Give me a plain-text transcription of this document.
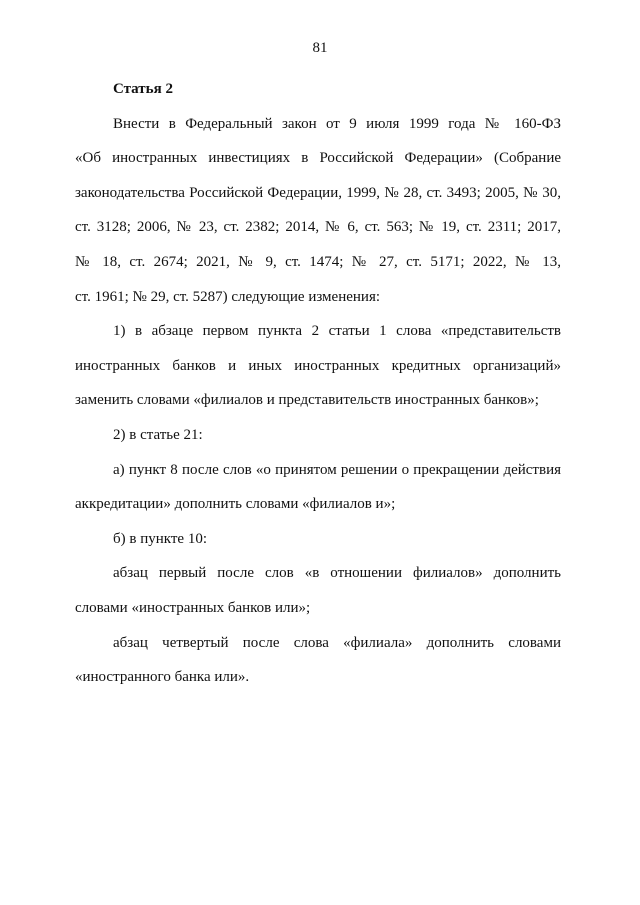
81
Статья 2
Внести в Федеральный закон от 9 июля 1999 года № 160-ФЗ
«Об иностранных инвестициях в Российской Федерации» (Собрание
законодательства Российской Федерации, 1999, № 28, ст. 3493; 2005, № 30,
ст. 3128; 2006, № 23, ст. 2382; 2014, № 6, ст. 563; № 19, ст. 2311; 2017,
№ 18, ст. 2674; 2021, № 9, ст. 1474; № 27, ст. 5171; 2022, № 13,
ст. 1961; № 29, ст. 5287) следующие изменения:
1) в абзаце первом пункта 2 статьи 1 слова «представительств
иностранных банков и иных иностранных кредитных организаций»
заменить словами «филиалов и представительств иностранных банков»;
2) в статье 21:
а) пункт 8 после слов «о принятом решении о прекращении действия
аккредитации» дополнить словами «филиалов и»;
б) в пункте 10:
абзац первый после слов «в отношении филиалов» дополнить
словами «иностранных банков или»;
абзац четвертый после слова «филиала» дополнить словами
«иностранного банка или».
